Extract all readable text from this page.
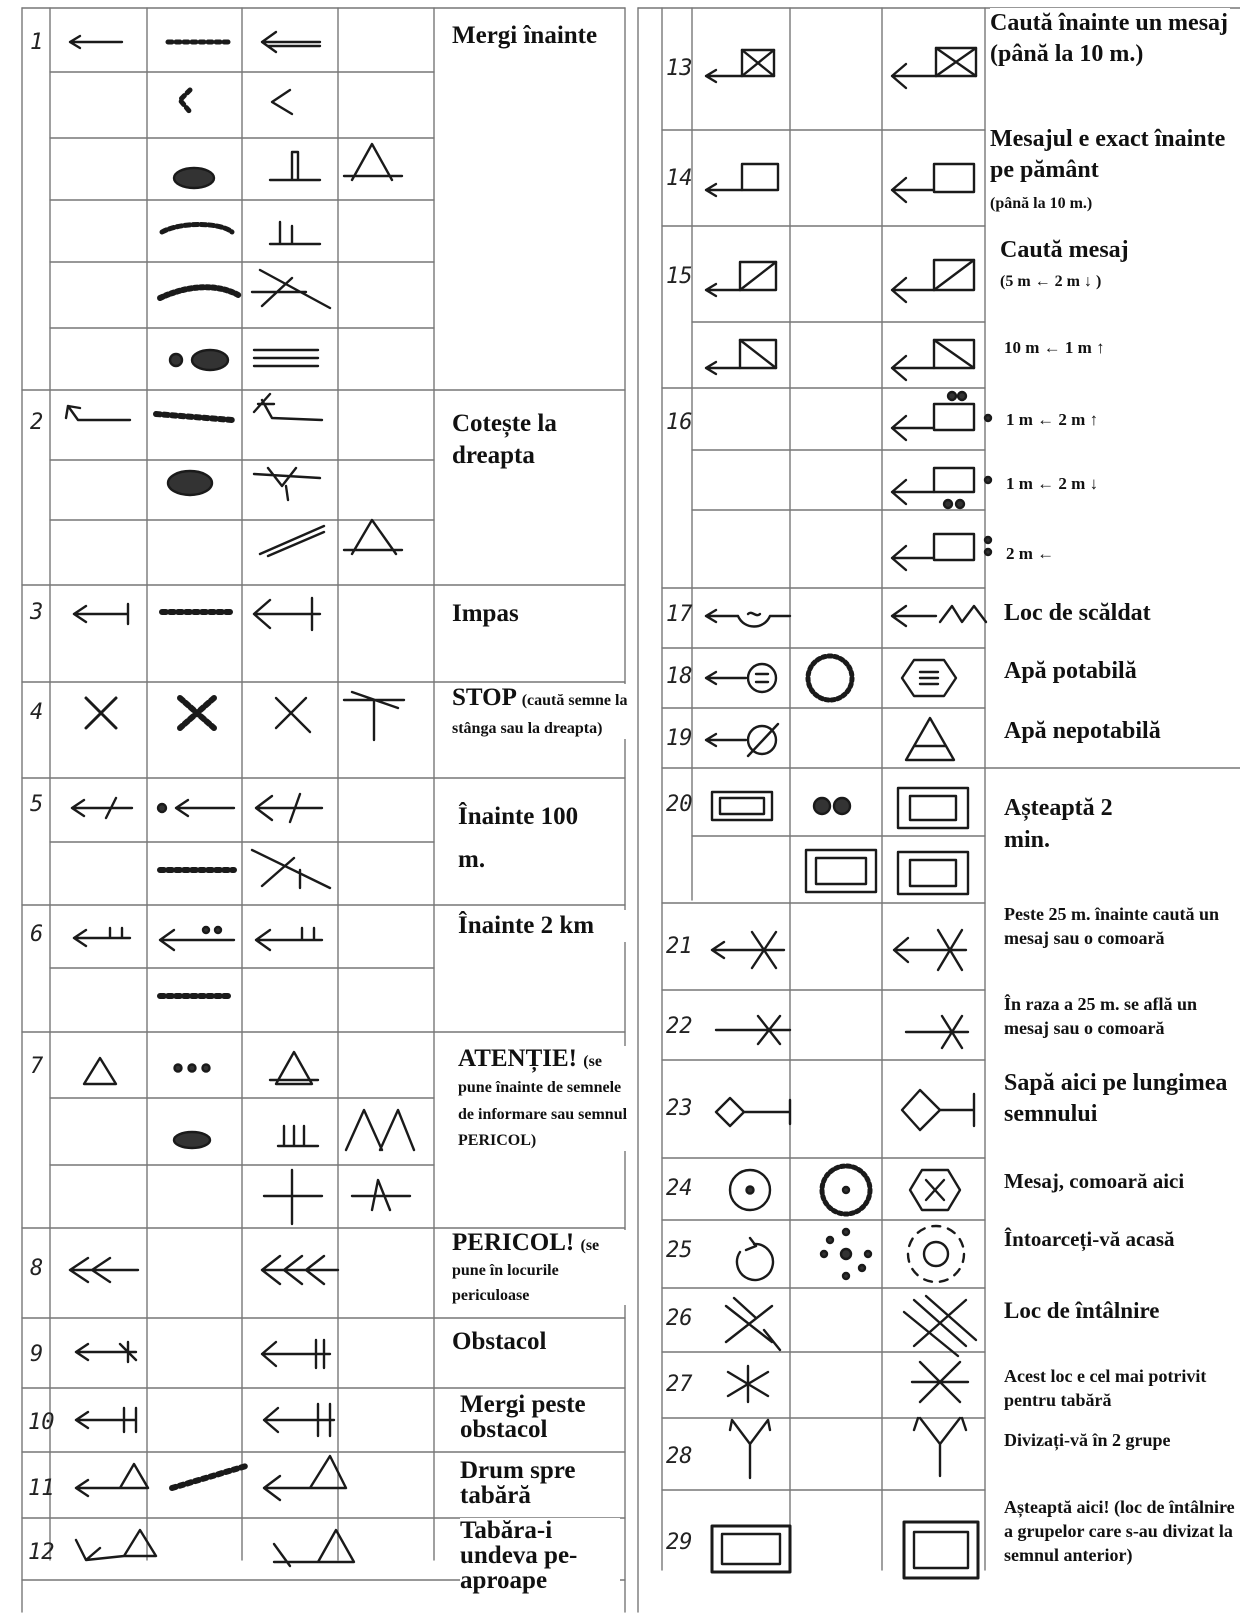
1
2
3
4
5
6
7
8
9
10
11
12
Mergi înainte
Cotește la dreapta
Impas
STOP (caută semne la stânga sau la dreapta)
Înainte 100 m.
Înainte 2 km
ATENȚIE! (se pune înainte de semnele de informare sau semnul PERICOL)
PERICOL! (se pune în locurile periculoase
Obstacol
Mergi peste obstacol
Drum spre tabără
Tabăra-i undeva pe-aproape
13
14
15
16
17
18
19
20
21
22
23
24
25
26
27
28
29
Caută înainte un mesaj (până la 10 m.)
Mesajul e exact înainte pe pământ
(până la 10 m.)
Caută mesaj
(5 m ← 2 m ↓ )
10 m ← 1 m ↑
1 m ← 2 m ↑
1 m ← 2 m ↓
2 m ←
Loc de scăldat
Apă potabilă
Apă nepotabilă
Așteaptă 2 min.
Peste 25 m. înainte caută un mesaj sau o comoară
În raza a 25 m. se află un mesaj sau o comoară
Sapă aici pe lungimea semnului
Mesaj, comoară aici
Întoarceți-vă acasă
Loc de întâlnire
Acest loc e cel mai potrivit pentru tabără
Divizați-vă în 2 grupe
Așteaptă aici! (loc de întâlnire a grupelor care s-au divizat la semnul anterior)
